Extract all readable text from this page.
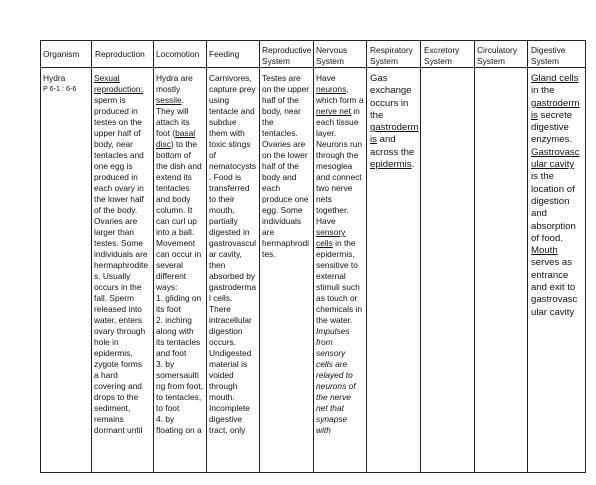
Organism Reproduction Locomotion Feeding	Reproductive
System
Nervous
System
Respiratory
System
Excretory
System
Circulatory
System
Digestive
System
Hydra
P 6-1 : 6-6
Sexual
reproduction:
sperm is
produced in
testes on the
upper half of
body, near
tentacles and
one egg is
produced in
each ovary in
the lower half
of the body.
Ovaries are
larger than
testes. Some
individuals are
hermaphrodite
s. Usually
occurs in the
fall. Sperm
released into
water, enters
ovary through
hole in
epidermis,
zygote forms
a hard
covering and
drops to the
sediment,
remains
dormant until
Hydra are
mostly
sessile.
They will
attach its
foot (basal
disc) to the
bottom of
the dish and
extend its
tentacles
and body
column. It
can curl up
into a ball.
Movement
can occur in
several
different
ways:
1. gliding on
its foot
2. inching
along with
its tentacles
and foot
3. by
somersaulti
ng from foot,
to tentacles,
to foot
4. by
floating on a
Carnivores,
capture prey
using
tentacle and
subdue
them with
toxic stings
of
nematocysts
. Food is
transferred
to their
mouth,
partially
digested in
gastrovascul
ar cavity,
then
absorbed by
gastroderma
l cells.
There
intracellular
digestion
occurs.
Undigested
material is
voided
through
mouth.
Incomplete
digestive
tract, only
Testes are
on the upper
half of the
body, near
the
tentacles.
Ovaries are
on the lower
half of the
body and
each
produce one
egg. Some
individuals
are
hermaphrodi
tes.
Have
neurons,
which form a
nerve net in
each tissue
layer.
Neurons run
through the
mesoglea
and connect
two nerve
nets
together.
Have
sensory
cells in the
epidermis,
sensitive to
external
stimuli such
as touch or
chemicals in
the water.
Impulses
from
sensory
cells are
relayed to
neurons of
the nerve
net that
synapse
with
Gas
exchange
occurs in
the
gastroderm
is and
across the
epidermis.
Gland cells
in the
gastroderm
is secrete
digestive
enzymes.
Gastrovasc
ular cavity
is the
location of
digestion
and
absorption
of food.
Mouth
serves as
entrance
and exit to
gastrovasc
ular cavity
